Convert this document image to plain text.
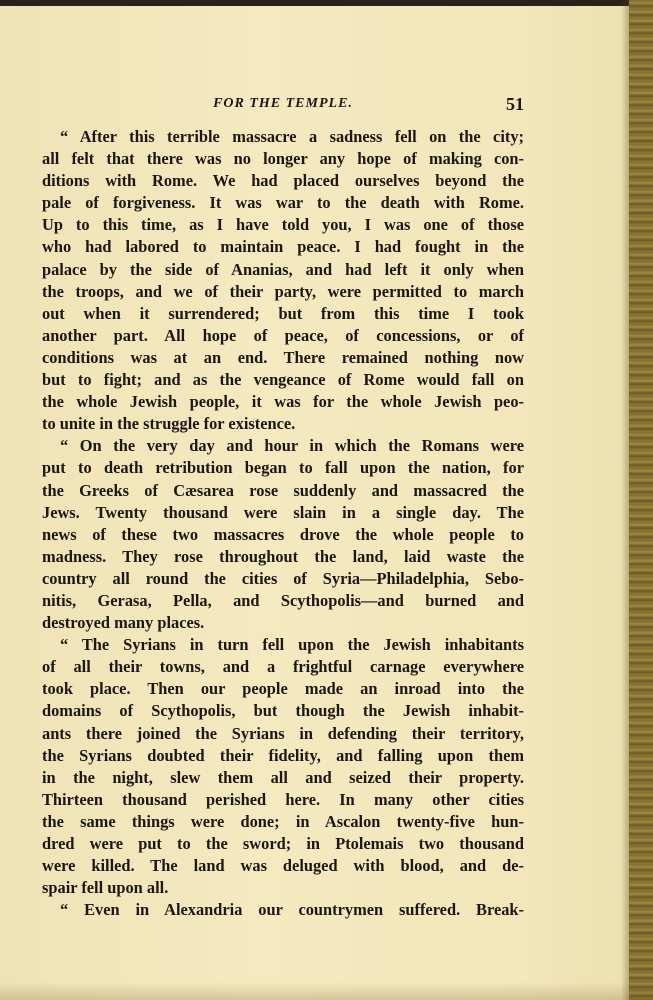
FOR THE TEMPLE.	51
“ After this terrible massacre a sadness fell on the city;
all felt that there was no longer any hope of making con-
ditions with Rome. We had placed ourselves beyond the
pale of forgiveness. It was war to the death with Rome.
Up to this time, as I have told you, I was one of those
who had labored to maintain peace. I had fought in the
palace by the side of Ananias, and had left it only when
the troops, and we of their party, were permitted to march
out when it surrendered; but from this time I took
another part. All hope of peace, of concessions, or of
conditions was at an end. There remained nothing now
but to fight; and as the vengeance of Rome would fall on
the whole Jewish people, it was for the whole Jewish peo-
to unite in the struggle for existence.
“ On the very day and hour in which the Romans were
put to death retribution began to fall upon the nation, for
the Greeks of Cæsarea rose suddenly and massacred the
Jews. Twenty thousand were slain in a single day. The
news of these two massacres drove the whole people to
madness. They rose throughout the land, laid waste the
country all round the cities of Syria—Philadelphia, Sebo-
nitis, Gerasa, Pella, and Scythopolis—and burned and
destroyed many places.
“ The Syrians in turn fell upon the Jewish inhabitants
of all their towns, and a frightful carnage everywhere
took place. Then our people made an inroad into the
domains of Scythopolis, but though the Jewish inhabit-
ants there joined the Syrians in defending their territory,
the Syrians doubted their fidelity, and falling upon them
in the night, slew them all and seized their property.
Thirteen thousand perished here. In many other cities
the same things were done; in Ascalon twenty-five hun-
dred were put to the sword; in Ptolemais two thousand
were killed. The land was deluged with blood, and de-
spair fell upon all.
“ Even in Alexandria our countrymen suffered. Break-
